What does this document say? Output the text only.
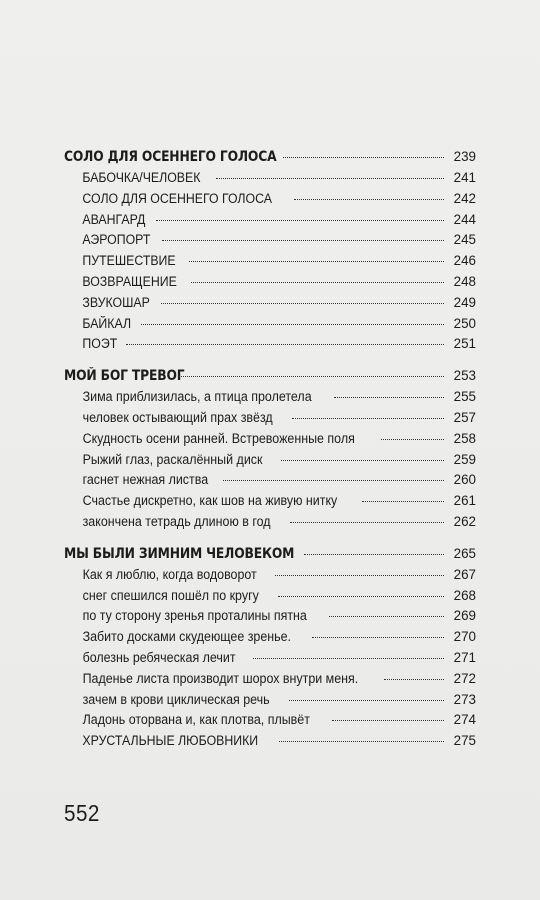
СОЛО ДЛЯ ОСЕННЕГО ГОЛОСА	239
БАБОЧКА/ЧЕЛОВЕК	241
СОЛО ДЛЯ ОСЕННЕГО ГОЛОСА	242
АВАНГАРД	244
АЭРОПОРТ	245
ПУТЕШЕСТВИЕ	246
ВОЗВРАЩЕНИЕ	248
ЗВУКОШАР	249
БАЙКАЛ	250
ПОЭТ	251
МОЙ БОГ ТРЕВОГ	253
Зима приблизилась, а птица пролетела	255
человек остывающий прах звёзд	257
Скудность осени ранней. Встревоженные поля	258
Рыжий глаз, раскалённый диск	259
гаснет нежная листва	260
Счастье дискретно, как шов на живую нитку	261
закончена тетрадь длиною в год	262
МЫ БЫЛИ ЗИМНИМ ЧЕЛОВЕКОМ	265
Как я люблю, когда водоворот	267
снег спешился пошёл по кругу	268
по ту сторону зренья проталины пятна	269
Забито досками скудеющее зренье.	270
болезнь ребяческая лечит	271
Паденье листа производит шорох внутри меня.	272
зачем в крови циклическая речь	273
Ладонь оторвана и, как плотва, плывёт	274
ХРУСТАЛЬНЫЕ ЛЮБОВНИКИ	275
552
